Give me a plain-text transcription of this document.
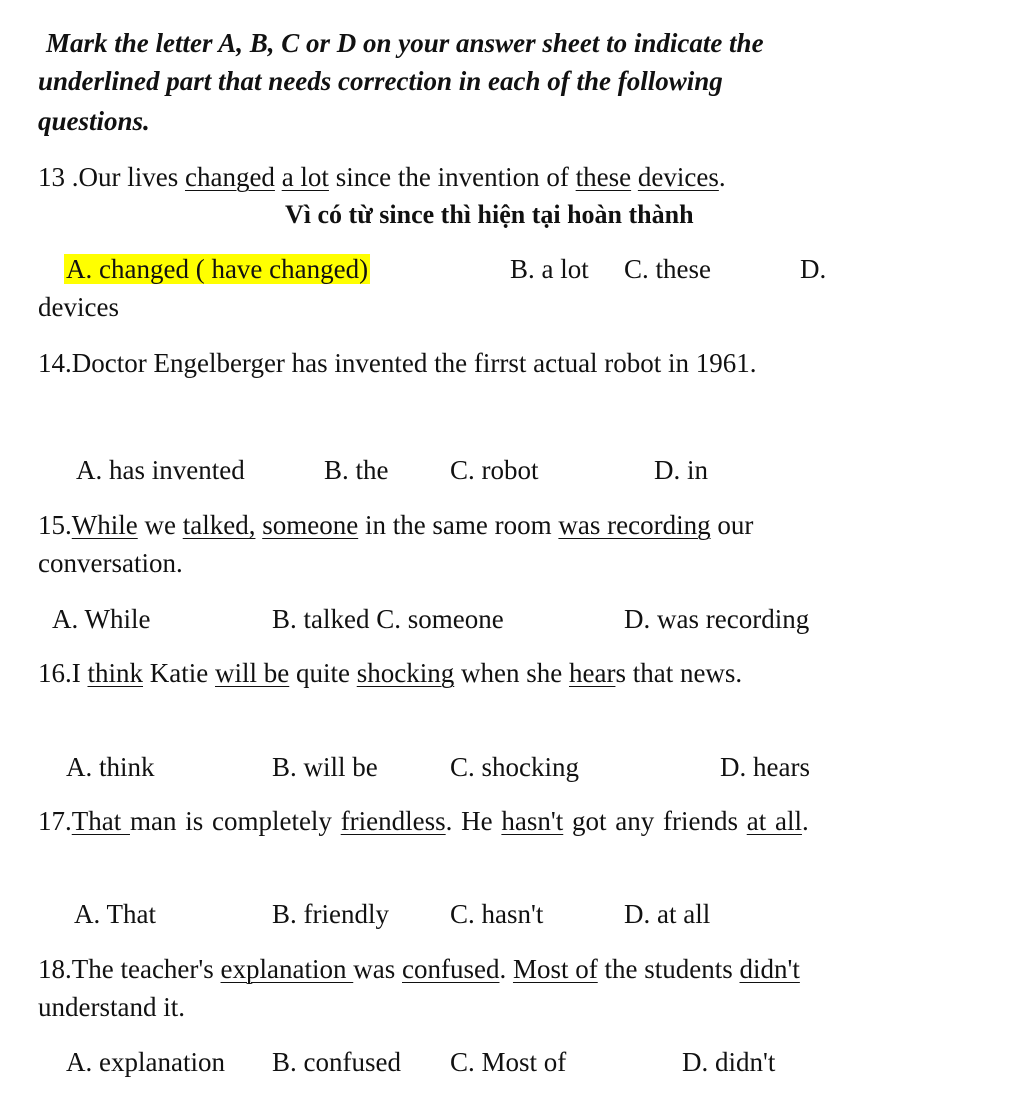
Mark the letter A, B, C or D on your answer sheet to indicate the
underlined part that needs correction in each of the following
questions.
13 .Our lives changed a lot since the invention of these devices.
Vì có từ since thì hiện tại hoàn thành
A. changed ( have changed)	B. a lot C. these	D.
devices
14.Doctor Engelberger has invented the firrst actual robot in 1961.
A. has invented	B. the C. robot	D. in
15.While we talked, someone in the same room was recording our
conversation.
A. While	B. talked C. someone	D. was recording
16.I think Katie will be quite shocking when she hears that news.
A. think	B. will be	C. shocking	D. hears
17.That man is completely friendless. He hasn't got any friends at all.
A. That	B. friendly C. hasn't	D. at all
18.The teacher's explanation was confused. Most of the students didn't
understand it.
A. explanation B. confused C. Most of	D. didn't
